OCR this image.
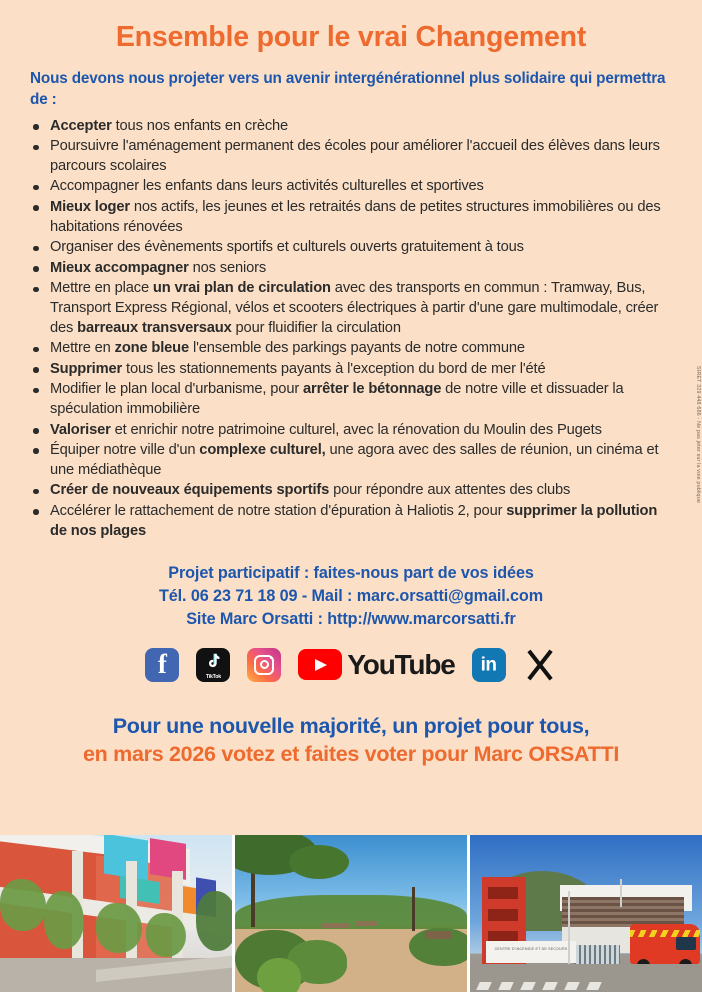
Ensemble pour le vrai Changement

Nous devons nous projeter vers un avenir intergénérationnel plus solidaire qui permettra de :

Accepter tous nos enfants en crèche
Poursuivre l'aménagement permanent des écoles pour améliorer l'accueil des élèves dans leurs parcours scolaires
Accompagner les enfants dans leurs activités culturelles et sportives
Mieux loger nos actifs, les jeunes et les retraités dans de petites structures immobilières ou des habitations rénovées
Organiser des évènements sportifs et culturels ouverts gratuitement à tous
Mieux accompagner nos seniors
Mettre en place un vrai plan de circulation avec des transports en commun : Tramway, Bus, Transport Express Régional, vélos et scooters électriques à partir d'une gare multimodale, créer des barreaux transversaux pour fluidifier la circulation
Mettre en zone bleue l'ensemble des parkings payants de notre commune
Supprimer tous les stationnements payants à l'exception du bord de mer l'été
Modifier le plan local d'urbanisme, pour arrêter le bétonnage de notre ville et dissuader la spéculation immobilière
Valoriser et enrichir notre patrimoine culturel, avec la rénovation du Moulin des Pugets
Équiper notre ville d'un complexe culturel, une agora avec des salles de réunion, un cinéma et une médiathèque
Créer de nouveaux équipements sportifs pour répondre aux attentes des clubs
Accélérer le rattachement de notre station d'épuration à Haliotis 2, pour supprimer la pollution de nos plages
Projet participatif : faites-nous part de vos idées
Tél. 06 23 71 18 09 - Mail : marc.orsatti@gmail.com
Site Marc Orsatti : http://www.marcorsatti.fr
f
TikTok	YouTube	in
Pour une nouvelle majorité, un projet pour tous,
en mars 2026 votez et faites voter pour Marc ORSATTI
SIRET 329 448 686 - Ne pas jeter sur la voie publique
CENTRE D'INCENDIE ET DE SECOURS
